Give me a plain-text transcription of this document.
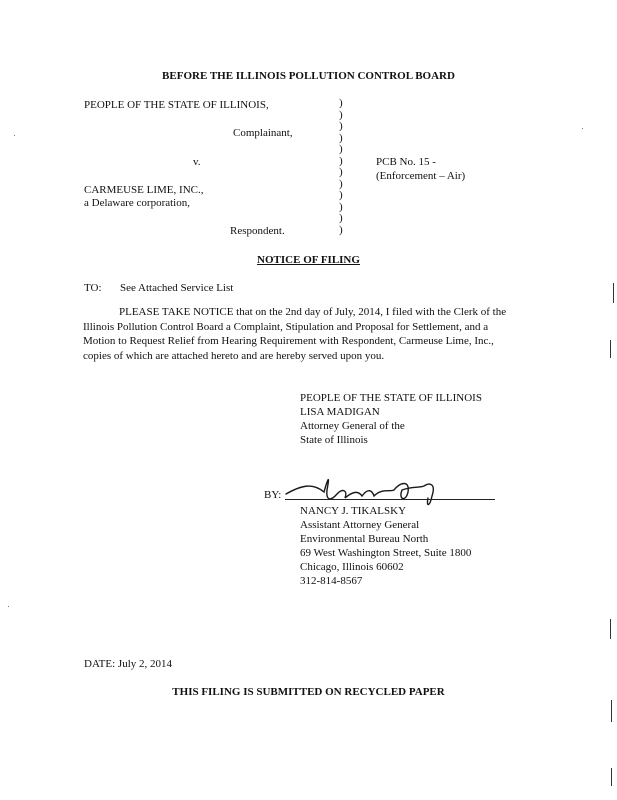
BEFORE THE ILLINOIS POLLUTION CONTROL BOARD
PEOPLE OF THE STATE OF ILLINOIS,
Complainant,
v.
CARMEUSE LIME, INC.,
a Delaware corporation,
Respondent.
)
)
)
)
)
)
)
)
)
)
)
)
PCB No. 15 -
(Enforcement – Air)
NOTICE OF FILING
TO: See Attached Service List
PLEASE TAKE NOTICE that on the 2nd day of July, 2014, I filed with the Clerk of the Illinois Pollution Control Board a Complaint, Stipulation and Proposal for Settlement, and a Motion to Request Relief from Hearing Requirement with Respondent, Carmeuse Lime, Inc., copies of which are attached hereto and are hereby served upon you.
PEOPLE OF THE STATE OF ILLINOIS
LISA MADIGAN
Attorney General of the
State of Illinois
BY:
NANCY J. TIKALSKY
Assistant Attorney General
Environmental Bureau North
69 West Washington Street, Suite 1800
Chicago, Illinois 60602
312-814-8567
DATE: July 2, 2014
THIS FILING IS SUBMITTED ON RECYCLED PAPER
